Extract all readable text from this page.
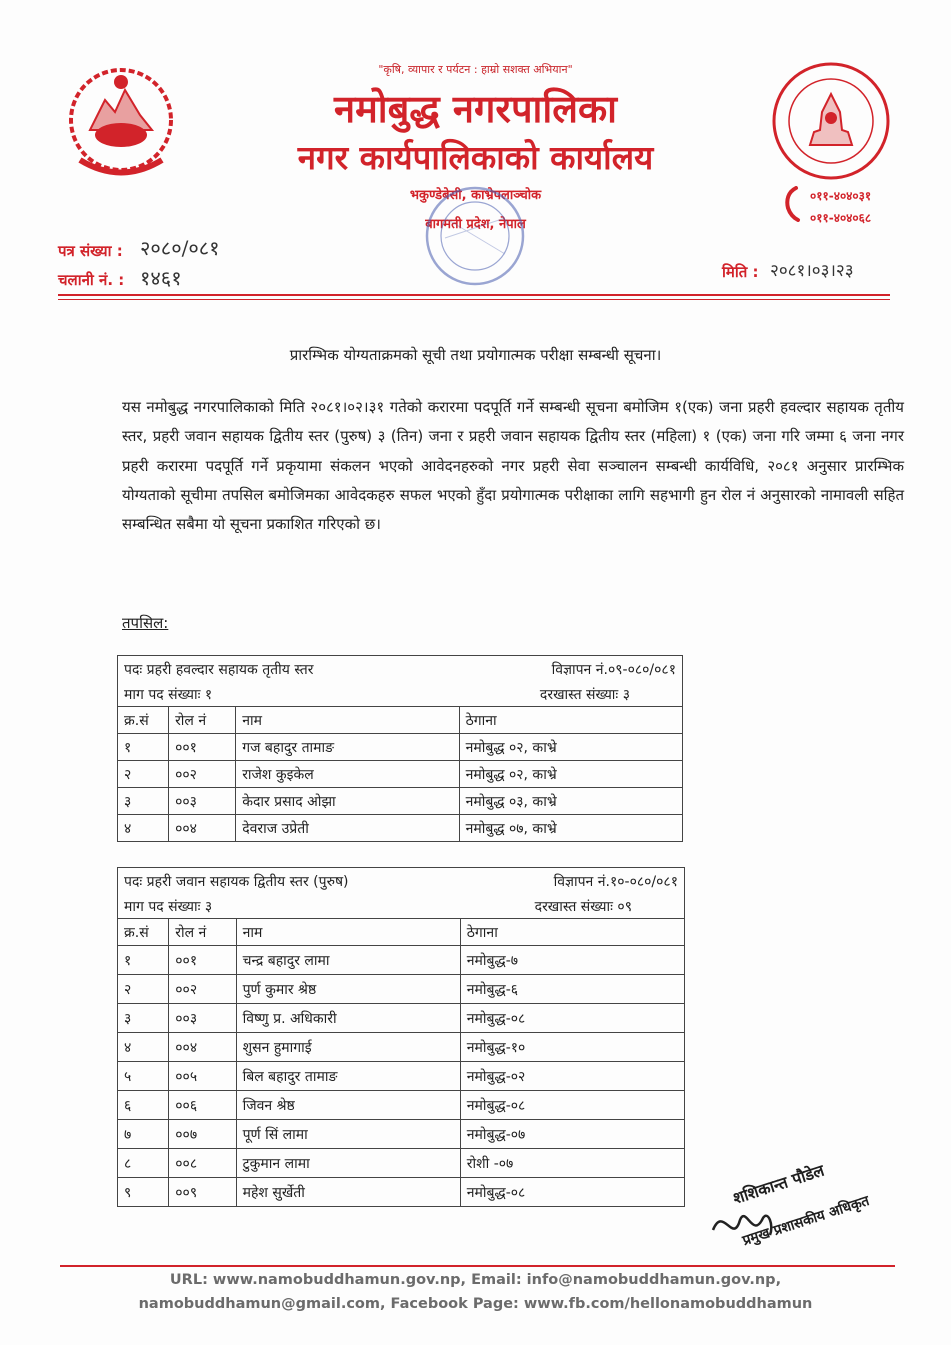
"कृषि, व्यापार र पर्यटन : हाम्रो सशक्त अभियान"
नमोबुद्ध नगरपालिका
नगर कार्यपालिकाको कार्यालय
भकुण्डेबेसी, काभ्रेपलाञ्चोक
बागमती प्रदेश, नेपाल
०११-४०४०३१
०११-४०४०६८
पत्र संख्या : २०८०/०८१
चलानी नं. : १४६१	मिति : २०८१।०३।२३
प्रारम्भिक योग्यताक्रमको सूची तथा प्रयोगात्मक परीक्षा सम्बन्धी सूचना।
यस नमोबुद्ध नगरपालिकाको मिति २०८१।०२।३१ गतेको करारमा पदपूर्ति गर्ने सम्बन्धी सूचना बमोजिम १(एक) जना प्रहरी हवल्दार सहायक तृतीय स्तर, प्रहरी जवान सहायक द्वितीय स्तर (पुरुष) ३ (तिन) जना र प्रहरी जवान सहायक द्वितीय स्तर (महिला) १ (एक) जना गरि जम्मा ६ जना नगर प्रहरी करारमा पदपूर्ति गर्ने प्रकृयामा संकलन भएको आवेदनहरुको नगर प्रहरी सेवा सञ्चालन सम्बन्धी कार्यविधि, २०८१ अनुसार प्रारम्भिक योग्यताको सूचीमा तपसिल बमोजिमका आवेदकहरु सफल भएको हुँदा प्रयोगात्मक परीक्षाका लागि सहभागी हुन रोल नं अनुसारको नामावली सहित सम्बन्धित सबैमा यो सूचना प्रकाशित गरिएको छ।
तपसिल:
पदः प्रहरी हवल्दार सहायक तृतीय स्तर विज्ञापन नं.०९-०८०/०८१			

माग पद संख्याः १ दरखास्त संख्याः ३			

क्र.सं	रोल नं	नाम	ठेगाना
१	००१	गज बहादुर तामाङ	नमोबुद्ध ०२, काभ्रे
२	००२	राजेश कुइकेल	नमोबुद्ध ०२, काभ्रे
३	००३	केदार प्रसाद ओझा	नमोबुद्ध ०३, काभ्रे
४	००४	देवराज उप्रेती	नमोबुद्ध ०७, काभ्रे
पदः प्रहरी जवान सहायक द्वितीय स्तर (पुरुष) विज्ञापन नं.१०-०८०/०८१			

माग पद संख्याः ३ दरखास्त संख्याः ०९			

क्र.सं	रोल नं	नाम	ठेगाना
१	००१	चन्द्र बहादुर लामा	नमोबुद्ध-७
२	००२	पुर्ण कुमार श्रेष्ठ	नमोबुद्ध-६
३	००३	विष्णु प्र. अधिकारी	नमोबुद्ध-०८
४	००४	शुसन हुमागाई	नमोबुद्ध-१०
५	००५	बिल बहादुर तामाङ	नमोबुद्ध-०२
६	००६	जिवन श्रेष्ठ	नमोबुद्ध-०८
७	००७	पूर्ण सिं लामा	नमोबुद्ध-०७
८	००८	टुकुमान लामा	रोशी -०७
९	००९	महेश सुर्खेती	नमोबुद्ध-०८	शशिकान्त पौडेल
प्रमुख प्रशासकीय अधिकृत
URL: www.namobuddhamun.gov.np, Email: info@namobuddhamun.gov.np,
namobuddhamun@gmail.com, Facebook Page: www.fb.com/hellonamobuddhamun
